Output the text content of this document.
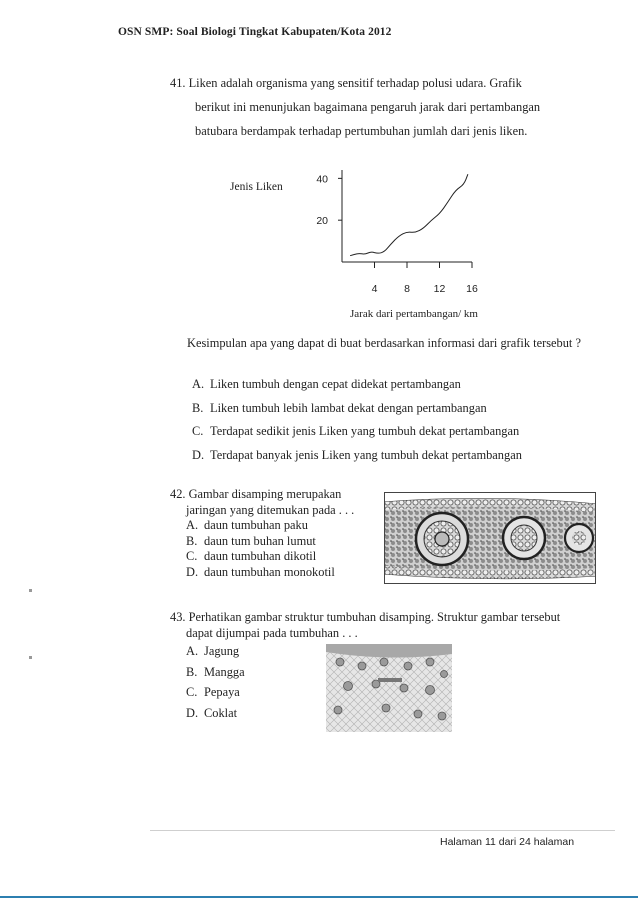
OSN SMP: Soal Biologi Tingkat Kabupaten/Kota 2012

41. Liken adalah organisma yang sensitif terhadap polusi udara. Grafik

berikut ini menunjukan bagaimana pengaruh jarak dari pertambangan

batubara berdampak terhadap pertumbuhan jumlah dari jenis liken.

Jenis Liken
20
40
4	8 12 16
Jarak dari pertambangan/ km
Kesimpulan apa yang dapat di buat berdasarkan informasi dari grafik tersebut ?
A. Liken tumbuh dengan cepat didekat pertambangan
B. Liken tumbuh lebih lambat dekat dengan pertambangan
C. Terdapat sedikit jenis Liken yang tumbuh dekat pertambangan
D. Terdapat banyak jenis Liken yang tumbuh dekat pertambangan
42. Gambar disamping merupakan
jaringan yang ditemukan pada . . .
A. daun tumbuhan paku
B. daun tum buhan lumut
C. daun tumbuhan dikotil
D. daun tumbuhan monokotil
43. Perhatikan gambar struktur tumbuhan disamping. Struktur gambar tersebut
dapat dijumpai pada tumbuhan . . .
A. Jagung
B. Mangga
C. Pepaya
D. Coklat
Halaman 11 dari 24 halaman
